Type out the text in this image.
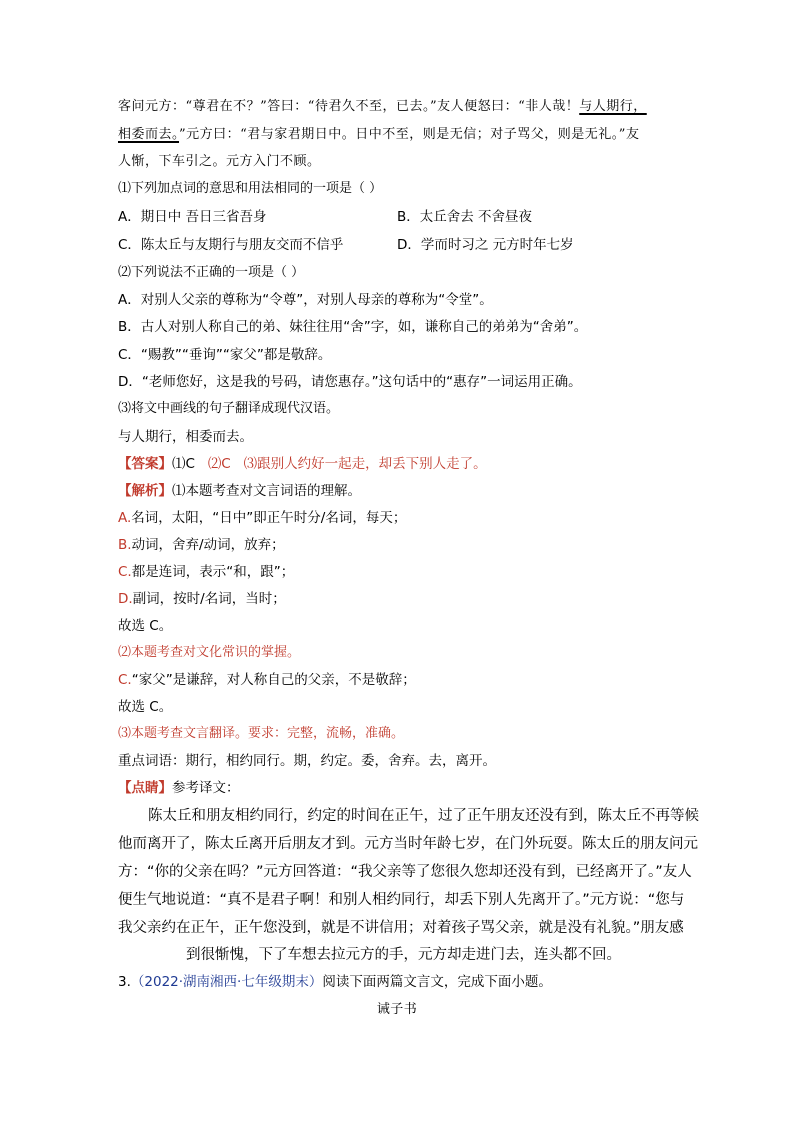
客问元方：“尊君在不？”答曰：“待君久不至，已去。”友人便怒曰：“非人哉！与人期行，
相委而去。”元方曰：“君与家君期日中。日中不至，则是无信；对子骂父，则是无礼。”友
人惭，下车引之。元方入门不顾。
⑴下列加点词的意思和用法相同的一项是（ ）
A．期日中 吾日三省吾身	B．太丘舍去 不舍昼夜
C．陈太丘与友期行与朋友交而不信乎	D．学而时习之 元方时年七岁
⑵下列说法不正确的一项是（ ）
A．对别人父亲的尊称为“令尊”，对别人母亲的尊称为“令堂”。
B．古人对别人称自己的弟、妹往往用“舍”字，如，谦称自己的弟弟为“舍弟”。
C．“赐教”“垂询”“家父”都是敬辞。
D．“老师您好，这是我的号码，请您惠存。”这句话中的“惠存”一词运用正确。
⑶将文中画线的句子翻译成现代汉语。
与人期行，相委而去。
【答案】⑴C ⑵C ⑶跟别人约好一起走，却丢下别人走了。
【解析】⑴本题考查对文言词语的理解。
A.名词，太阳，“日中”即正午时分/名词，每天；
B.动词，舍弃/动词，放弃；
C.都是连词，表示“和，跟”；
D.副词，按时/名词，当时；
故选 C。
⑵本题考查对文化常识的掌握。
C.“家父”是谦辞，对人称自己的父亲，不是敬辞；
故选 C。
⑶本题考查文言翻译。要求：完整，流畅，准确。
重点词语：期行，相约同行。期，约定。委，舍弃。去，离开。
【点睛】参考译文：
陈太丘和朋友相约同行，约定的时间在正午，过了正午朋友还没有到，陈太丘不再等候
他而离开了，陈太丘离开后朋友才到。元方当时年龄七岁，在门外玩耍。陈太丘的朋友问元
方：“你的父亲在吗？”元方回答道：“我父亲等了您很久您却还没有到，已经离开了。”友人
便生气地说道：“真不是君子啊！和别人相约同行，却丢下别人先离开了。”元方说：“您与
我父亲约在正午，正午您没到，就是不讲信用；对着孩子骂父亲，就是没有礼貌。”朋友感
到很惭愧，下了车想去拉元方的手，元方却走进门去，连头都不回。
3.（2022·湖南湘西·七年级期末）阅读下面两篇文言文，完成下面小题。
诫子书
